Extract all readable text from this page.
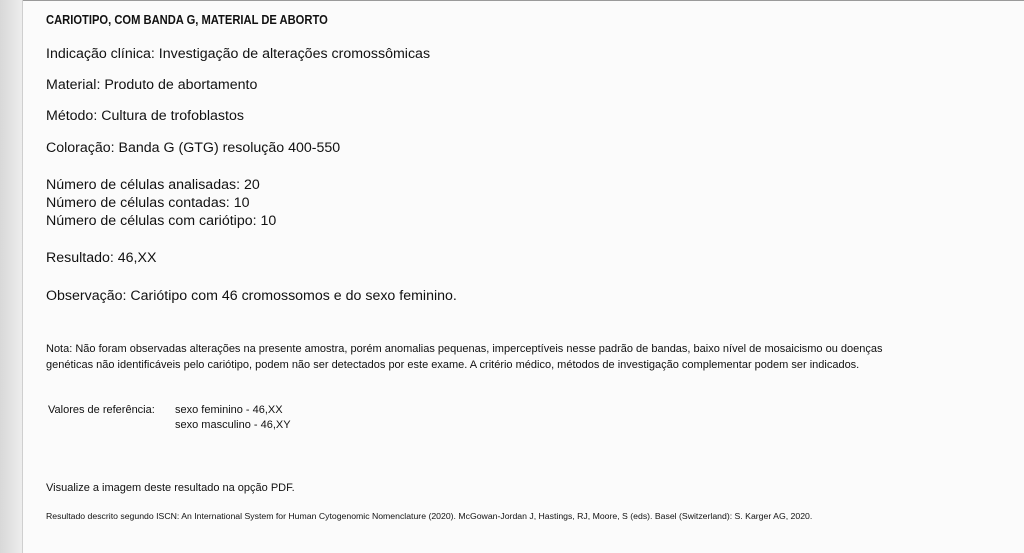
CARIOTIPO, COM BANDA G, MATERIAL DE ABORTO
Indicação clínica: Investigação de alterações cromossômicas
Material: Produto de abortamento
Método: Cultura de trofoblastos
Coloração: Banda G (GTG) resolução 400-550
Número de células analisadas: 20
Número de células contadas: 10
Número de células com cariótipo: 10
Resultado: 46,XX
Observação: Cariótipo com 46 cromossomos e do sexo feminino.
Nota: Não foram observadas alterações na presente amostra, porém anomalias pequenas, imperceptíveis nesse padrão de bandas, baixo nível de mosaicismo ou doenças
genéticas não identificáveis pelo cariótipo, podem não ser detectados por este exame. A critério médico, métodos de investigação complementar podem ser indicados.
Valores de referência: sexo feminino - 46,XX
sexo masculino - 46,XY
Visualize a imagem deste resultado na opção PDF.
Resultado descrito segundo ISCN: An International System for Human Cytogenomic Nomenclature (2020). McGowan-Jordan J, Hastings, RJ, Moore, S (eds). Basel (Switzerland): S. Karger AG, 2020.
